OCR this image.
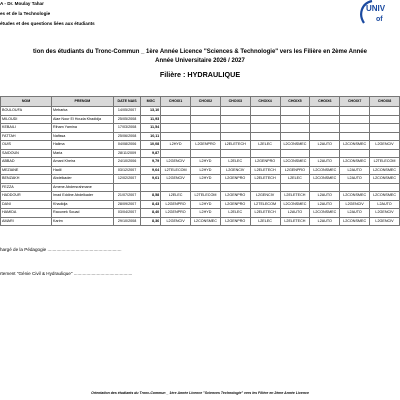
A - Dr. Moulay Tahar
es et de la Technologie
études et des questions liées aux étudiants
UNIV
of
tion des étudiants du Tronc-Commun _ 1ère Année Licence "Sciences & Technologie" vers les Filière en 2ème Année
Année Universitaire 2026 / 2027
Filière : HYDRAULIQUE
NOM	PRENOM	DATE NAIS	MGC	CHOIX1	CHOIX2	CHOIX3	CHOIX4	CHOIX5	CHOIX6	CHOIX7	CHOIX8
BOULOUFA	Mebarka	14/05/2007	13,10								
MILOUDI	Alae Nour El Houda Khadidja	25/05/2008	11,93								
KEBAILI	Riham Yamina	17/03/2008	11,54								
FATTAH	Nafissa	25/06/2008	10,11								
OUIS	Halima	04/08/2006	10,08	L2HYD	L2GENPRO	L2ELETECH	L2ELEC	L2CONSMEC	L2AUTO	L2CONSMEC	L2GENCIV
SAIDOUN	Maria	28/11/2009	9,87								
ABBAD	Amani Kheira	24/10/2006	9,79	L2GENCIV	L2HYD	L2ELEC	L2GENPRO	L2CONSMEC	L2AUTO	L2CONSMEC	L2TELECOM
MEZIANE	Hadil	03/12/2007	9,64	L2TELECOM	L2HYD	L2GENCIV	L2ELETECH	L2GENPRO	L2CONSMEC	L2AUTO	L2CONSMEC
BENZAKH	Abdelkader	12/02/2007	9,61	L2GENCIV	L2HYD	L2GENPRO	L2ELETECH	L2ELEC	L2CONSMEC	L2AUTO	L2CONSMEC
FEZZA	Amene Abdersrahmane										
HADDOUR	Imad Eddine Abdelkader	21/07/2007	8,58	L2ELEC	L2TELECOM	L2GENPRO	L2GENCIV	L2ELETECH	L2AUTO	L2CONSMEC	L2CONSMEC
DANI	Khadidja	28/09/2007	8,43	L2GENPRO	L2HYD	L2GENPRO	L2TELECOM	L2CONSMEC	L2AUTO	L2GENCIV	L2AUTO
HAMIDA	Raounek Souad	03/04/2007	8,40	L2GENPRO	L2HYD	L2ELEC	L2ELETECH	L2AUTO	L2CONSMEC	L2AUTO	L2GENCIV
AMARI	Karim	29/10/2008	8,36	L2GENCIV	L2CONSMEC	L2GENPRO	L2ELEC	L2ELETECH	L2AUTO	L2CONSMEC	L2GENCIV
hargé de la Pédagogie ..........................................................
rtement "Génie Civil & Hydraulique" ..............................................
Orientation des étudiants du Tronc-Commun _ 1ère Année Licence "Sciences Technologie" vers les Filière en 2ème Année Licence
